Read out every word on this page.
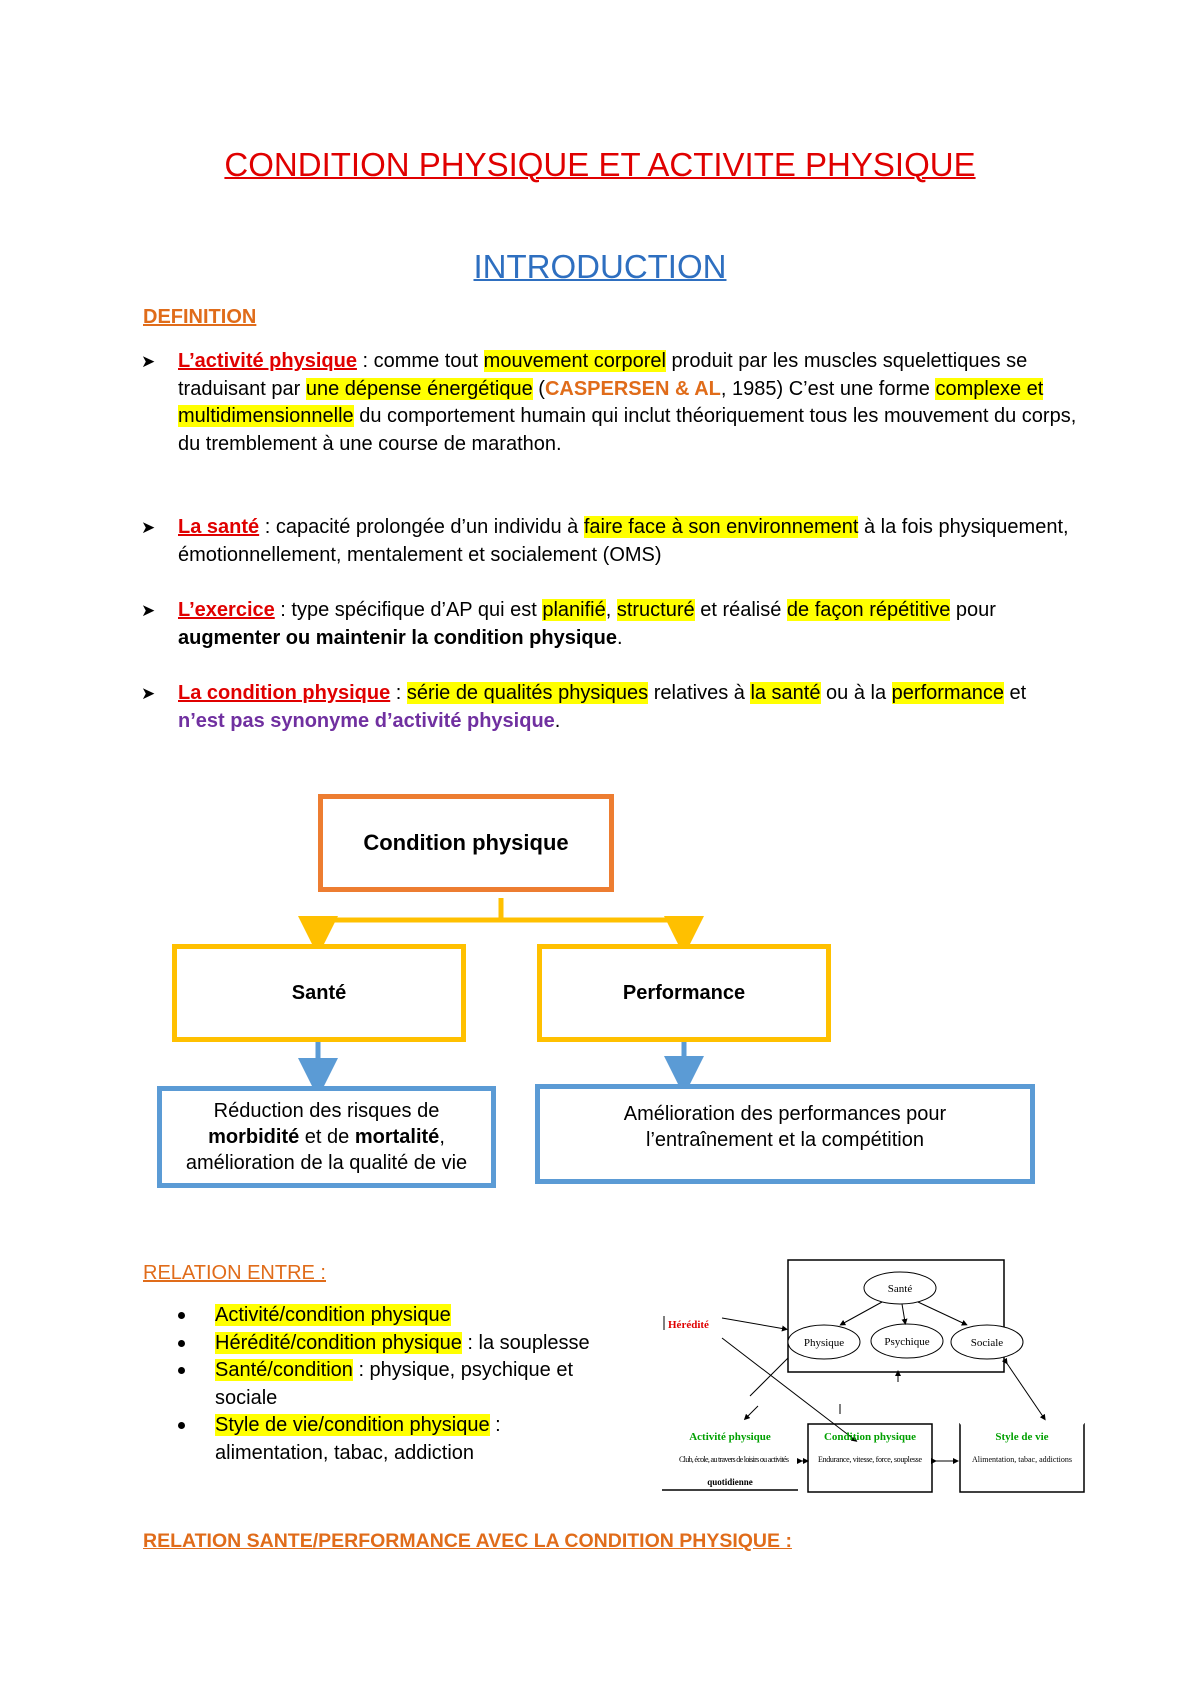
CONDITION PHYSIQUE ET ACTIVITE PHYSIQUE
INTRODUCTION
DEFINITION
➤ L’activité physique : comme tout mouvement corporel produit par les muscles squelettiques se traduisant par une dépense énergétique (CASPERSEN & AL, 1985) C’est une forme complexe et multidimensionnelle du comportement humain qui inclut théoriquement tous les mouvement du corps, du tremblement à une course de marathon.
➤ La santé : capacité prolongée d’un individu à faire face à son environnement à la fois physiquement, émotionnellement, mentalement et socialement (OMS)
➤ L’exercice : type spécifique d’AP qui est planifié, structuré et réalisé de façon répétitive pour augmenter ou maintenir la condition physique.
➤ La condition physique : série de qualités physiques relatives à la santé ou à la performance et n’est pas synonyme d’activité physique.
Condition physique
Santé	Performance
Réduction des risques de
morbidité et de mortalité,
amélioration de la qualité de vie
Amélioration des performances pour
l’entraînement et la compétition
RELATION ENTRE :
Activité/condition physique
Hérédité/condition physique : la souplesse
Santé/condition : physique, psychique et sociale
Style de vie/condition physique : alimentation, tabac, addiction
Santé
Physique	Psychique	Sociale
Hérédité
Activité physique
Club, école, au travers de loisirs ou activités
quotidienne
Condition physique
Endurance, vitesse, force, souplesse
Style de vie
Alimentation, tabac, addictions
RELATION SANTE/PERFORMANCE AVEC LA CONDITION PHYSIQUE :
